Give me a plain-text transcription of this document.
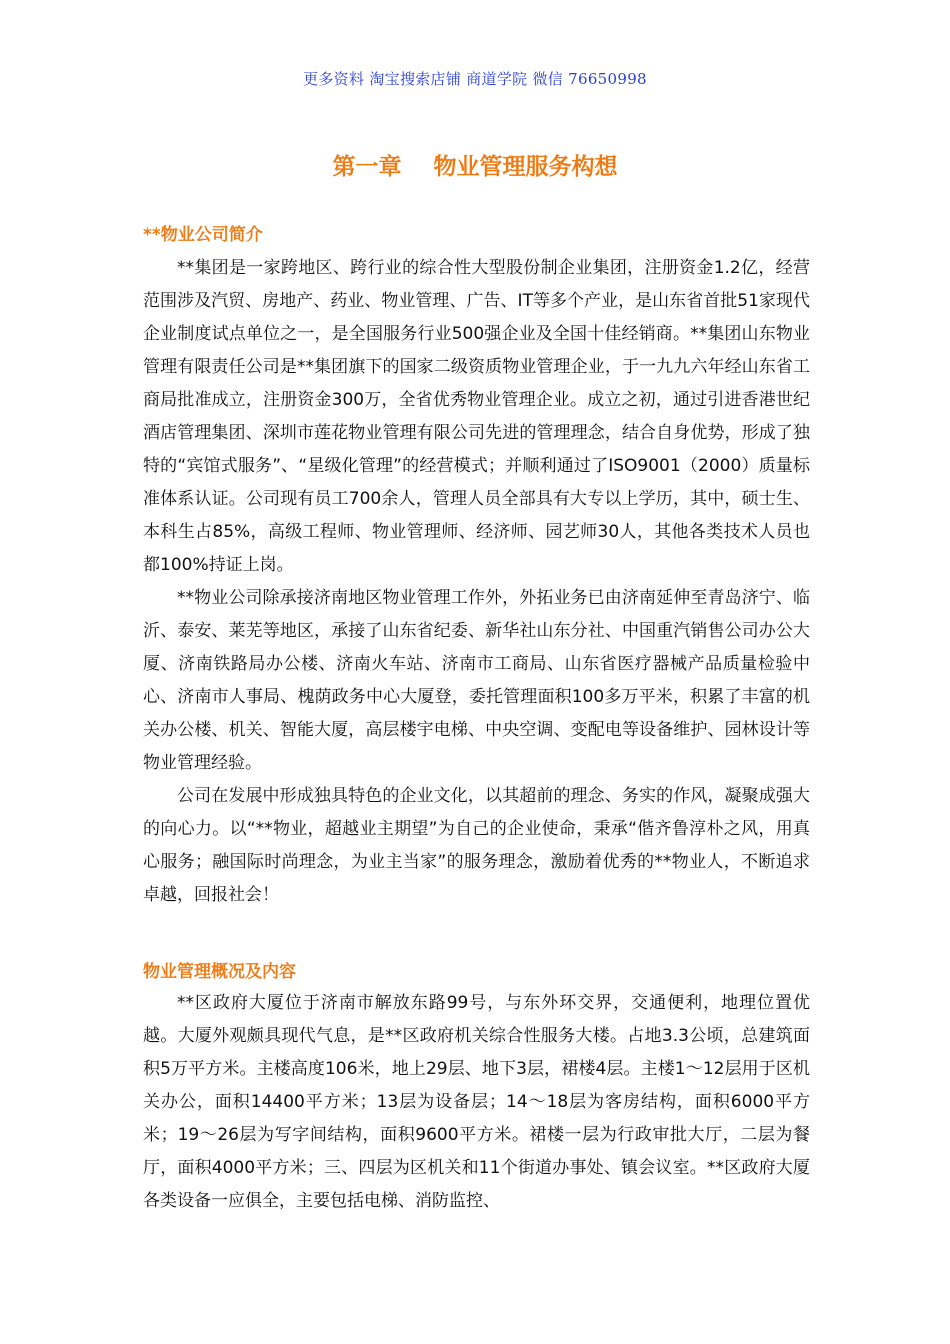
更多资料 淘宝搜索店铺 商道学院 微信 76650998
第一章    物业管理服务构想
**物业公司简介

**集团是一家跨地区、跨行业的综合性大型股份制企业集团，注册资金1.2亿，经营范围涉及汽贸、房地产、药业、物业管理、广告、IT等多个产业，是山东省首批51家现代企业制度试点单位之一，是全国服务行业500强企业及全国十佳经销商。**集团山东物业管理有限责任公司是**集团旗下的国家二级资质物业管理企业，于一九九六年经山东省工商局批准成立，注册资金300万，全省优秀物业管理企业。成立之初，通过引进香港世纪酒店管理集团、深圳市莲花物业管理有限公司先进的管理理念，结合自身优势，形成了独特的“宾馆式服务”、“星级化管理”的经营模式；并顺利通过了ISO9001（2000）质量标准体系认证。公司现有员工700余人，管理人员全部具有大专以上学历，其中，硕士生、本科生占85%，高级工程师、物业管理师、经济师、园艺师30人，其他各类技术人员也都100%持证上岗。

**物业公司除承接济南地区物业管理工作外，外拓业务已由济南延伸至青岛济宁、临沂、泰安、莱芜等地区，承接了山东省纪委、新华社山东分社、中国重汽销售公司办公大厦、济南铁路局办公楼、济南火车站、济南市工商局、山东省医疗器械产品质量检验中心、济南市人事局、槐荫政务中心大厦登，委托管理面积100多万平米，积累了丰富的机关办公楼、机关、智能大厦，高层楼宇电梯、中央空调、变配电等设备维护、园林设计等物业管理经验。

公司在发展中形成独具特色的企业文化，以其超前的理念、务实的作风，凝聚成强大的向心力。以“**物业，超越业主期望”为自己的企业使命，秉承“偕齐鲁淳朴之风，用真心服务；融国际时尚理念，为业主当家”的服务理念，激励着优秀的**物业人，不断追求卓越，回报社会！

物业管理概况及内容

**区政府大厦位于济南市解放东路99号，与东外环交界，交通便利，地理位置优越。大厦外观颇具现代气息，是**区政府机关综合性服务大楼。占地3.3公顷，总建筑面积5万平方米。主楼高度106米，地上29层、地下3层，裙楼4层。主楼1～12层用于区机关办公，面积14400平方米；13层为设备层；14～18层为客房结构，面积6000平方米；19～26层为写字间结构，面积9600平方米。裙楼一层为行政审批大厅，二层为餐厅，面积4000平方米；三、四层为区机关和11个街道办事处、镇会议室。**区政府大厦各类设备一应俱全，主要包括电梯、消防监控、
